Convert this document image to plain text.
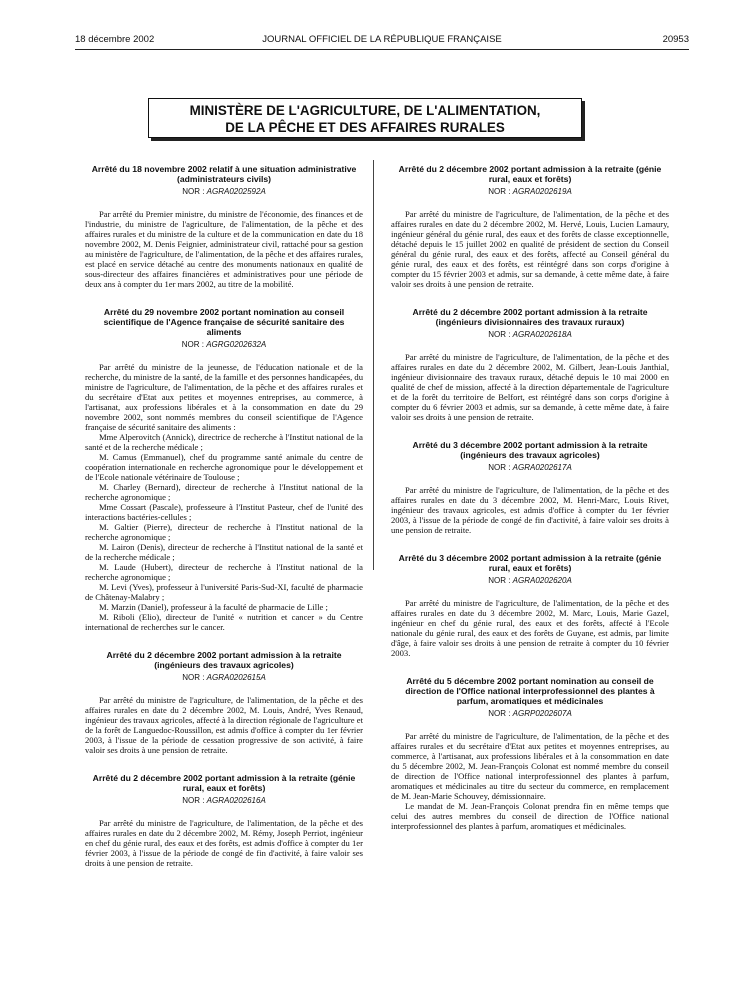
18 décembre 2002	JOURNAL OFFICIEL DE LA RÉPUBLIQUE FRANÇAISE	20953
MINISTÈRE DE L'AGRICULTURE, DE L'ALIMENTATION,
DE LA PÊCHE ET DES AFFAIRES RURALES
Arrêté du 18 novembre 2002 relatif à une situation administrative (administrateurs civils)
NOR : AGRA0202592A

Par arrêté du Premier ministre, du ministre de l'économie, des finances et de l'industrie, du ministre de l'agriculture, de l'alimentation, de la pêche et des affaires rurales et du ministre de la culture et de la communication en date du 18 novembre 2002, M. Denis Feignier, administrateur civil, rattaché pour sa gestion au ministère de l'agriculture, de l'alimentation, de la pêche et des affaires rurales, est placé en service détaché au centre des monuments nationaux en qualité de sous-directeur des affaires financières et administratives pour une période de deux ans à compter du 1er mars 2002, au titre de la mobilité.

Arrêté du 29 novembre 2002 portant nomination au conseil scientifique de l'Agence française de sécurité sanitaire des aliments
NOR : AGRG0202632A

Par arrêté du ministre de la jeunesse, de l'éducation nationale et de la recherche, du ministre de la santé, de la famille et des personnes handicapées, du ministre de l'agriculture, de l'alimentation, de la pêche et des affaires rurales et du secrétaire d'Etat aux petites et moyennes entreprises, au commerce, à l'artisanat, aux professions libérales et à la consommation en date du 29 novembre 2002, sont nommés membres du conseil scientifique de l'Agence française de sécurité sanitaire des aliments :

Mme Alperovitch (Annick), directrice de recherche à l'Institut national de la santé et de la recherche médicale ;

M. Camus (Emmanuel), chef du programme santé animale du centre de coopération internationale en recherche agronomique pour le développement et de l'Ecole nationale vétérinaire de Toulouse ;

M. Charley (Bernard), directeur de recherche à l'Institut national de la recherche agronomique ;

Mme Cossart (Pascale), professeure à l'Institut Pasteur, chef de l'unité des interactions bactéries-cellules ;

M. Galtier (Pierre), directeur de recherche à l'Institut national de la recherche agronomique ;

M. Lairon (Denis), directeur de recherche à l'Institut national de la santé et de la recherche médicale ;

M. Laude (Hubert), directeur de recherche à l'Institut national de la recherche agronomique ;

M. Levi (Yves), professeur à l'université Paris-Sud-XI, faculté de pharmacie de Châtenay-Malabry ;

M. Marzin (Daniel), professeur à la faculté de pharmacie de Lille ;

M. Riboli (Elio), directeur de l'unité « nutrition et cancer » du Centre international de recherches sur le cancer.

Arrêté du 2 décembre 2002 portant admission à la retraite (ingénieurs des travaux agricoles)
NOR : AGRA0202615A

Par arrêté du ministre de l'agriculture, de l'alimentation, de la pêche et des affaires rurales en date du 2 décembre 2002, M. Louis, André, Yves Renaud, ingénieur des travaux agricoles, affecté à la direction régionale de l'agriculture et de la forêt de Languedoc-Roussillon, est admis d'office à compter du 1er février 2003, à l'issue de la période de cessation progressive de son activité, à faire valoir ses droits à une pension de retraite.

Arrêté du 2 décembre 2002 portant admission à la retraite (génie rural, eaux et forêts)
NOR : AGRA0202616A

Par arrêté du ministre de l'agriculture, de l'alimentation, de la pêche et des affaires rurales en date du 2 décembre 2002, M. Rémy, Joseph Perriot, ingénieur en chef du génie rural, des eaux et des forêts, est admis d'office à compter du 1er février 2003, à l'issue de la période de congé de fin d'activité, à faire valoir ses droits à une pension de retraite.

Arrêté du 2 décembre 2002 portant admission à la retraite (génie rural, eaux et forêts)
NOR : AGRA0202619A

Par arrêté du ministre de l'agriculture, de l'alimentation, de la pêche et des affaires rurales en date du 2 décembre 2002, M. Hervé, Louis, Lucien Lamaury, ingénieur général du génie rural, des eaux et des forêts de classe exceptionnelle, détaché depuis le 15 juillet 2002 en qualité de président de section du Conseil général du génie rural, des eaux et des forêts, affecté au Conseil général du génie rural, des eaux et des forêts, est réintégré dans son corps d'origine à compter du 15 février 2003 et admis, sur sa demande, à cette même date, à faire valoir ses droits à une pension de retraite.

Arrêté du 2 décembre 2002 portant admission à la retraite (ingénieurs divisionnaires des travaux ruraux)
NOR : AGRA0202618A

Par arrêté du ministre de l'agriculture, de l'alimentation, de la pêche et des affaires rurales en date du 2 décembre 2002, M. Gilbert, Jean-Louis Janthial, ingénieur divisionnaire des travaux ruraux, détaché depuis le 10 mai 2000 en qualité de chef de mission, affecté à la direction départementale de l'agriculture et de la forêt du territoire de Belfort, est réintégré dans son corps d'origine à compter du 6 février 2003 et admis, sur sa demande, à cette même date, à faire valoir ses droits à une pension de retraite.

Arrêté du 3 décembre 2002 portant admission à la retraite (ingénieurs des travaux agricoles)
NOR : AGRA0202617A

Par arrêté du ministre de l'agriculture, de l'alimentation, de la pêche et des affaires rurales en date du 3 décembre 2002, M. Henri-Marc, Louis Rivet, ingénieur des travaux agricoles, est admis d'office à compter du 1er février 2003, à l'issue de la période de congé de fin d'activité, à faire valoir ses droits à une pension de retraite.

Arrêté du 3 décembre 2002 portant admission à la retraite (génie rural, eaux et forêts)
NOR : AGRA0202620A

Par arrêté du ministre de l'agriculture, de l'alimentation, de la pêche et des affaires rurales en date du 3 décembre 2002, M. Marc, Louis, Marie Gazel, ingénieur en chef du génie rural, des eaux et des forêts, affecté à l'Ecole nationale du génie rural, des eaux et des forêts de Guyane, est admis, par limite d'âge, à faire valoir ses droits à une pension de retraite à compter du 10 février 2003.

Arrêté du 5 décembre 2002 portant nomination au conseil de direction de l'Office national interprofessionnel des plantes à parfum, aromatiques et médicinales
NOR : AGRP0202607A

Par arrêté du ministre de l'agriculture, de l'alimentation, de la pêche et des affaires rurales et du secrétaire d'Etat aux petites et moyennes entreprises, au commerce, à l'artisanat, aux professions libérales et à la consommation en date du 5 décembre 2002, M. Jean-François Colonat est nommé membre du conseil de direction de l'Office national interprofessionnel des plantes à parfum, aromatiques et médicinales au titre du secteur du commerce, en remplacement de M. Jean-Marie Schouvey, démissionnaire.

Le mandat de M. Jean-François Colonat prendra fin en même temps que celui des autres membres du conseil de direction de l'Office national interprofessionnel des plantes à parfum, aromatiques et médicinales.
